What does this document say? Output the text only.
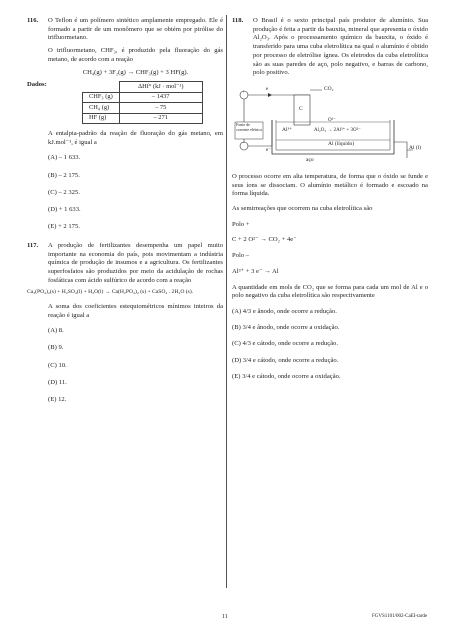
116. O Teflon é um polímero sintético amplamente empregado. Ele é formado a partir de um monômero que se obtém por pirólise do trifluormetano.

O trifluormetano, CHF₃, é produzido pela fluoração do gás metano, de acordo com a reação

CH₄(g) + 3F₂(g) → CHF₃(g) + 3 HF(g).

Dados:
		ΔHf° (kJ · mol⁻¹)
CHF₃ (g)	– 1437
CH₄ (g)	– 75
HF (g)	– 271

A entalpia-padrão da reação de fluoração do gás metano, em kJ.mol⁻¹, é igual a

(A) – 1 633.
(B) – 2 175.
(C) – 2 325.
(D) + 1 633.
(E) + 2 175.
117. A produção de fertilizantes desempenha um papel muito importante na economia do país, pois movimentam a indústria química de produção de insumos e a agricultura. Os fertilizantes superfosfatos são produzidos por meio da acidulação de rochas fosfáticas com ácido sulfúrico de acordo com a reação

Ca₃(PO₄)₂(s) + H₂SO₄(l) + H₂O(l) → Ca(H₂PO₄)₂ (s) + CaSO₄ . 2H₂O (s).

A soma dos coeficientes estequiométricos mínimos inteiros da reação é igual a

(A) 8.
(B) 9.
(C) 10.
(D) 11.
(E) 12.
118. O Brasil é o sexto principal país produtor de alumínio. Sua produção é feita a partir da bauxita, mineral que apresenta o óxido Al₂O₃. Após o processamento químico da bauxita, o óxido é transferido para uma cuba eletrolítica na qual o alumínio é obtido por processo de eletrólise ígnea. Os eletrodos da cuba eletrolítica são as suas paredes de aço, polo negativo, e barras de carbono, polo positivo.

+
–
e	CO₂
Fonte de corrente elétrica
C
Al³⁺
O²⁻
Al₂O₃ → 2Al³⁺ + 3O²⁻
Al (líquido)
e⁻
aço
Al (l)

O processo ocorre em alta temperatura, de forma que o óxido se funde e seus íons se dissociam. O alumínio metálico é formado e escoado na forma líquida.

As semirreações que ocorrem na cuba eletrolítica são

Polo +

C + 2 O²⁻ → CO₂ + 4e⁻

Polo –

Al³⁺ + 3 e⁻ → Al

A quantidade em mols de CO₂ que se forma para cada um mol de Al e o polo negativo da cuba eletrolítica são respectivamente

(A) 4/3 e ânodo, onde ocorre a redução.
(B) 3/4 e ânodo, onde ocorre a oxidação.
(C) 4/3 e cátodo, onde ocorre a redução.
(D) 3/4 e cátodo, onde ocorre a redução.
(E) 3/4 e cátodo, onde ocorre a oxidação.
11	FGVS1101/002-CaEI-tarde
